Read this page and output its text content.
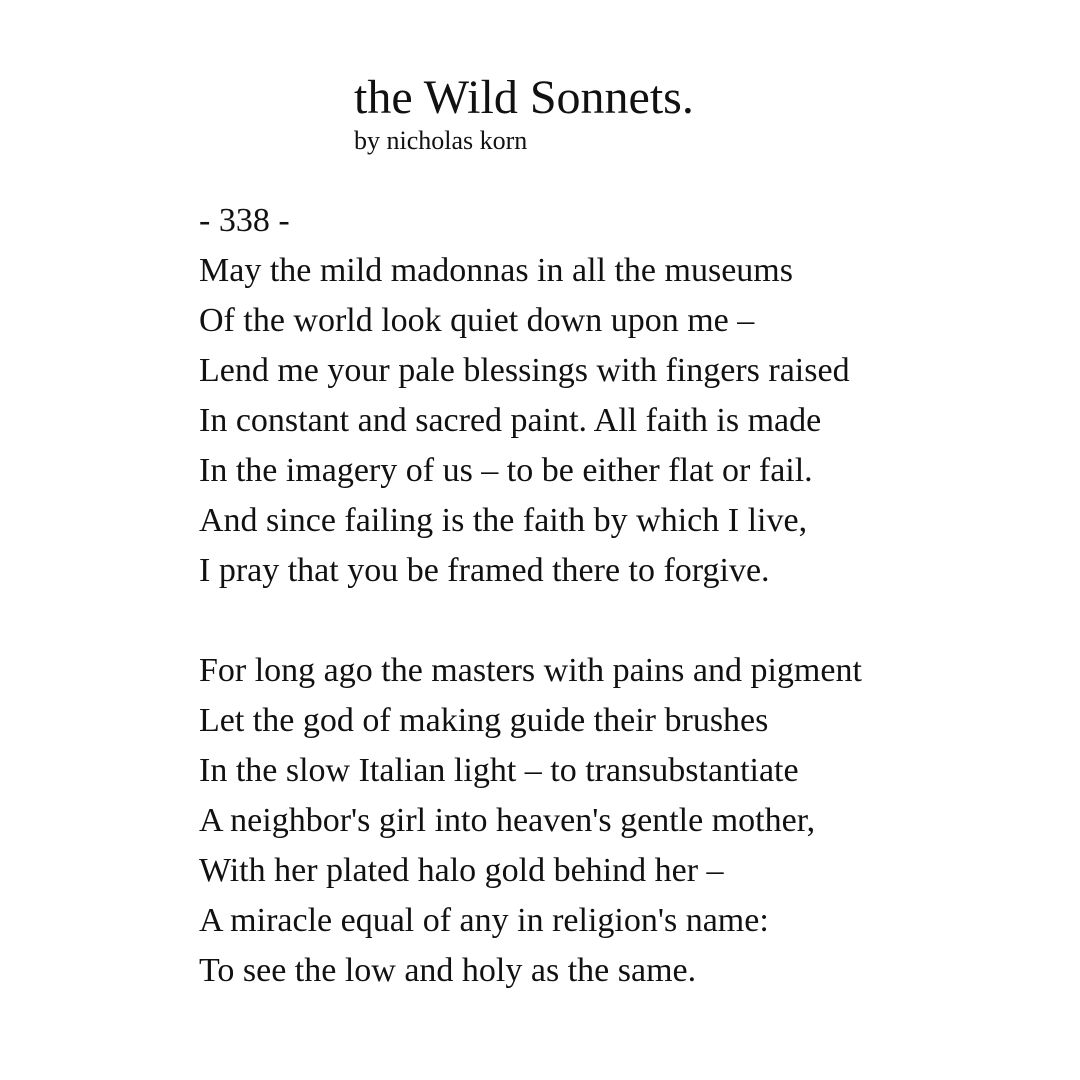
the Wild Sonnets.
by nicholas korn
- 338 -
May the mild madonnas in all the museums
Of the world look quiet down upon me –
Lend me your pale blessings with fingers raised
In constant and sacred paint. All faith is made
In the imagery of us – to be either flat or fail.
And since failing is the faith by which I live,
I pray that you be framed there to forgive.
For long ago the masters with pains and pigment
Let the god of making guide their brushes
In the slow Italian light – to transubstantiate
A neighbor's girl into heaven's gentle mother,
With her plated halo gold behind her –
A miracle equal of any in religion's name:
To see the low and holy as the same.
